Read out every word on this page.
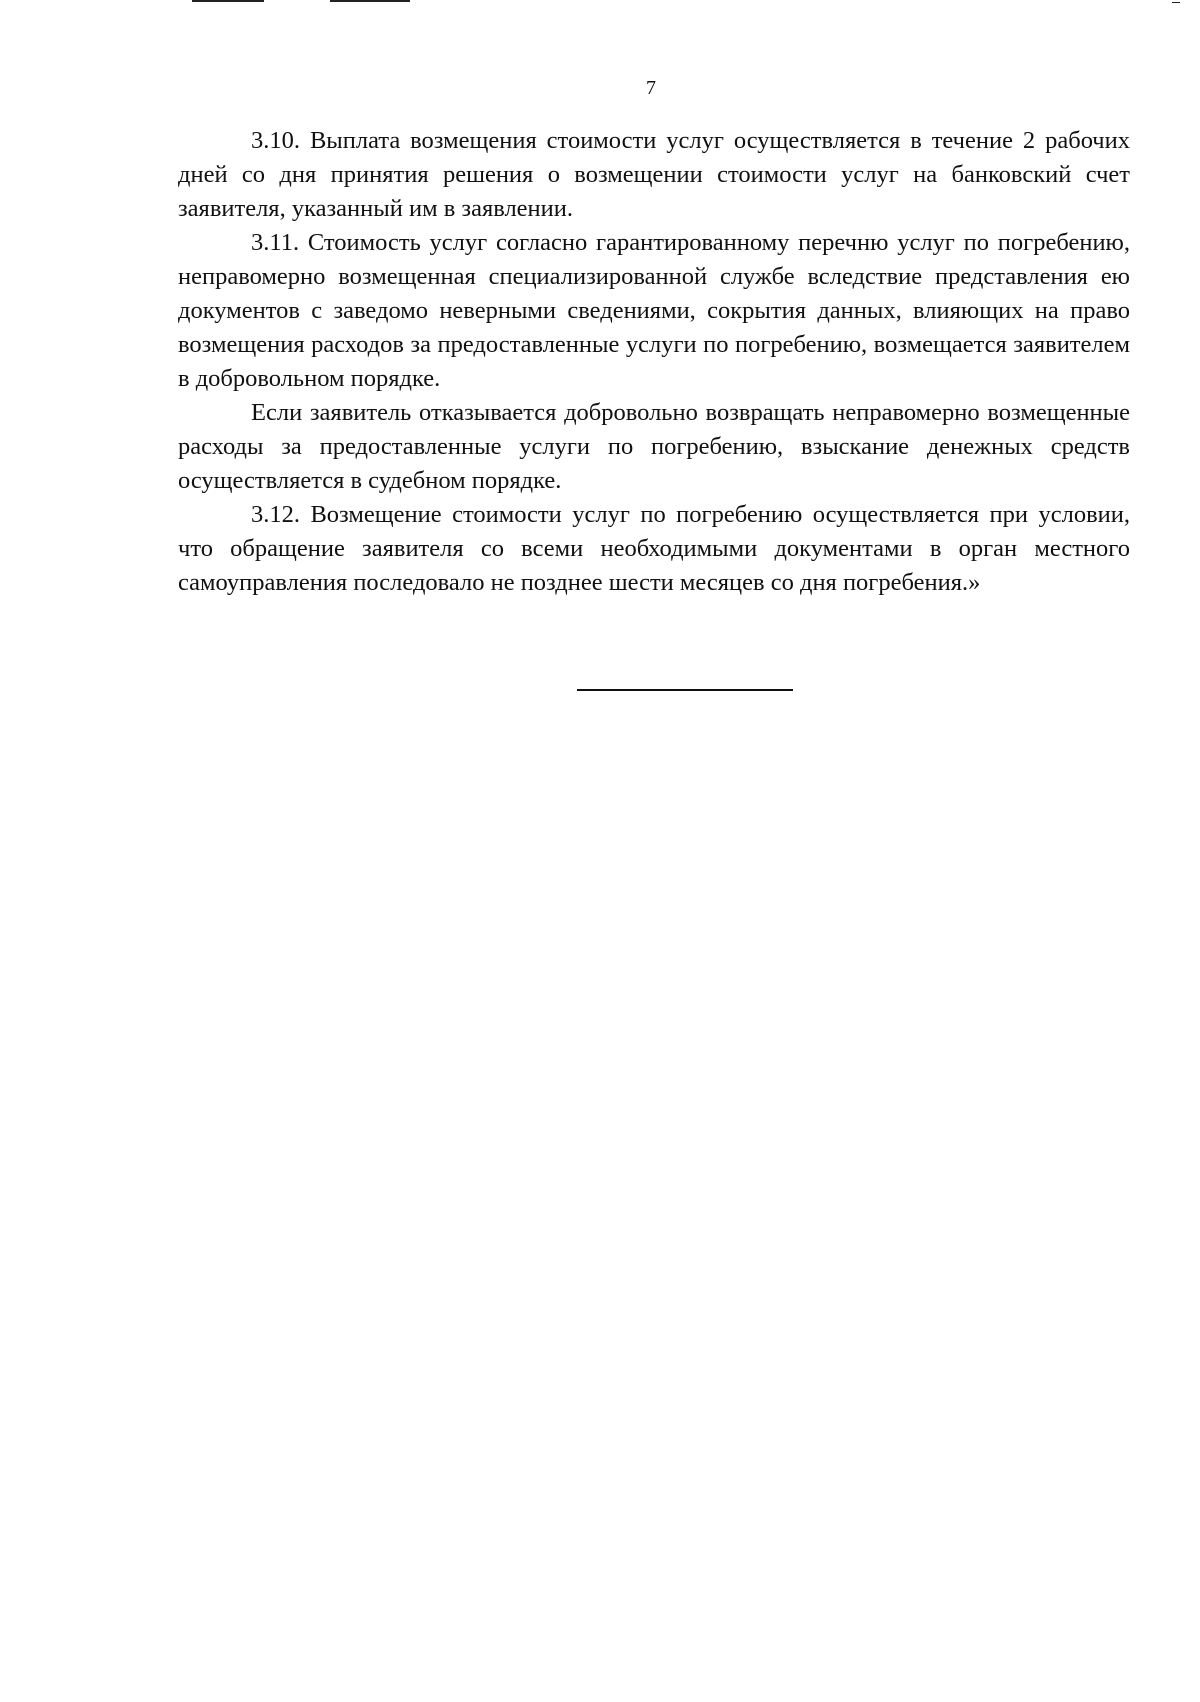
7

3.10. Выплата возмещения стоимости услуг осуществляется в течение 2 рабочих дней со дня принятия решения о возмещении стоимости услуг на банковский счет заявителя, указанный им в заявлении.

3.11. Стоимость услуг согласно гарантированному перечню услуг по погребению, неправомерно возмещенная специализированной службе вследствие представления ею документов с заведомо неверными сведениями, сокрытия данных, влияющих на право возмещения расходов за предоставленные услуги по погребению, возмещается заявителем в добровольном порядке.

Если заявитель отказывается добровольно возвращать неправомерно возмещенные расходы за предоставленные услуги по погребению, взыскание денежных средств осуществляется в судебном порядке.

3.12. Возмещение стоимости услуг по погребению осуществляется при условии, что обращение заявителя со всеми необходимыми документами в орган местного самоуправления последовало не позднее шести месяцев со дня погребения.»
